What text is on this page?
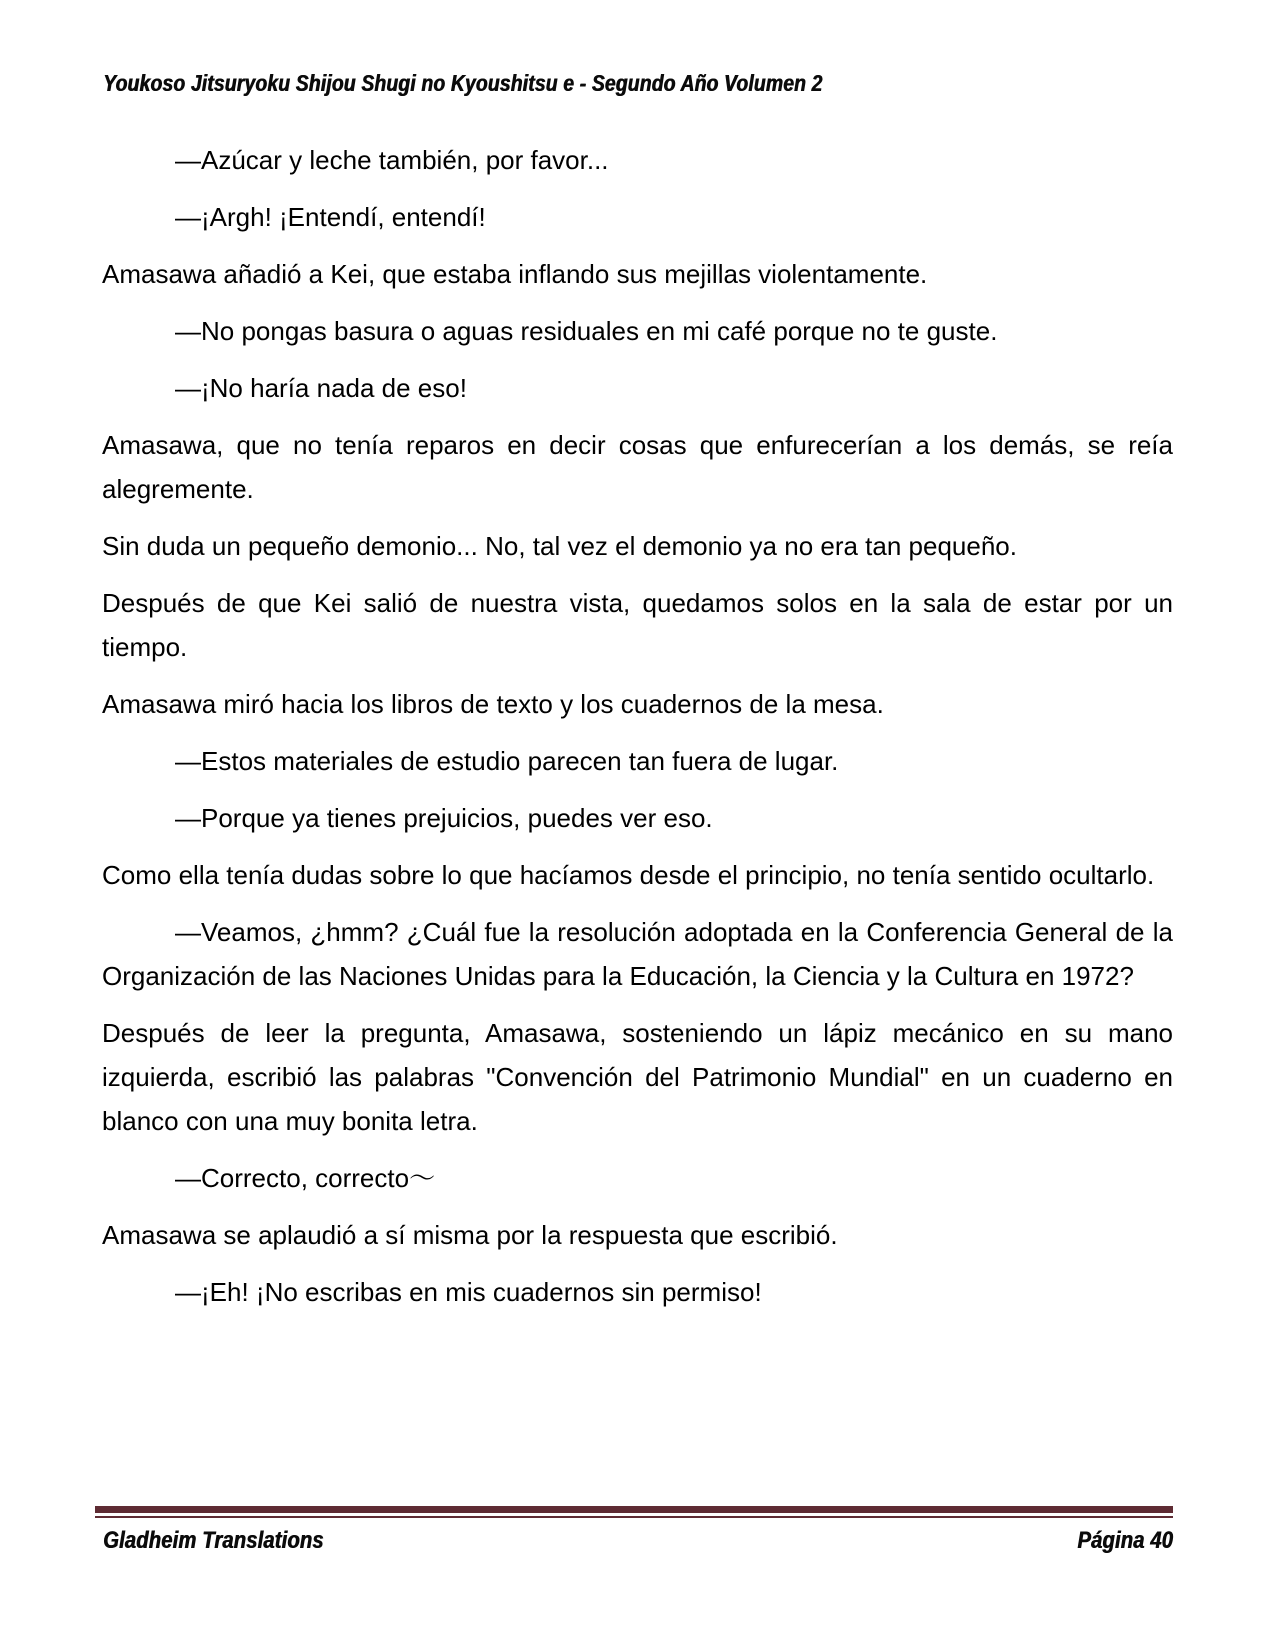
Youkoso Jitsuryoku Shijou Shugi no Kyoushitsu e - Segundo Año Volumen 2

—Azúcar y leche también, por favor...

—¡Argh! ¡Entendí, entendí!

Amasawa añadió a Kei, que estaba inflando sus mejillas violentamente.

—No pongas basura o aguas residuales en mi café porque no te guste.

—¡No haría nada de eso!

Amasawa, que no tenía reparos en decir cosas que enfurecerían a los demás, se reía alegremente.

Sin duda un pequeño demonio... No, tal vez el demonio ya no era tan pequeño.

Después de que Kei salió de nuestra vista, quedamos solos en la sala de estar por un tiempo.

Amasawa miró hacia los libros de texto y los cuadernos de la mesa.

—Estos materiales de estudio parecen tan fuera de lugar.

—Porque ya tienes prejuicios, puedes ver eso.

Como ella tenía dudas sobre lo que hacíamos desde el principio, no tenía sentido ocultarlo.

—Veamos, ¿hmm? ¿Cuál fue la resolución adoptada en la Conferencia General de la Organización de las Naciones Unidas para la Educación, la Ciencia y la Cultura en 1972?

Después de leer la pregunta, Amasawa, sosteniendo un lápiz mecánico en su mano izquierda, escribió las palabras "Convención del Patrimonio Mundial" en un cuaderno en blanco con una muy bonita letra.

—Correcto, correcto～

Amasawa se aplaudió a sí misma por la respuesta que escribió.

—¡Eh! ¡No escribas en mis cuadernos sin permiso!

Gladheim Translations	Página 40
